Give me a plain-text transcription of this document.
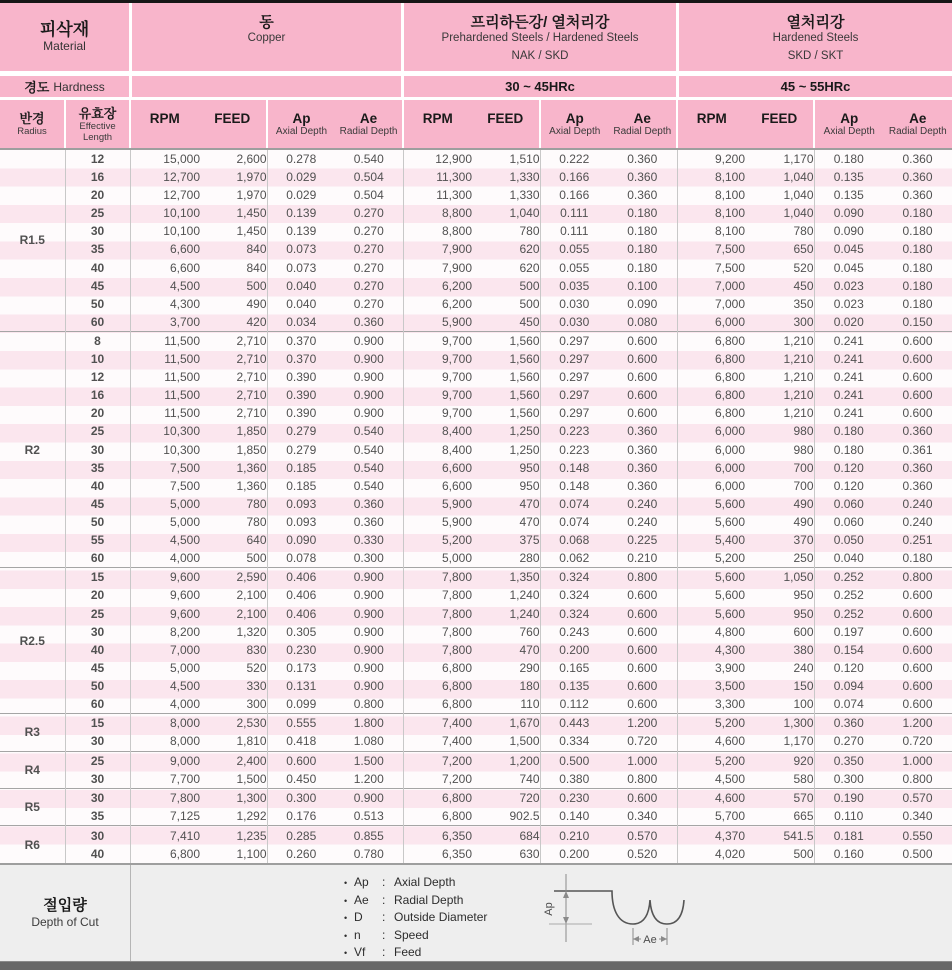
피삭재
Material
동
Copper
프리하든강/ 열처리강
Prehardened Steels / Hardened Steels
NAK / SKD
열처리강
Hardened Steels
SKD / SKT
경도 Hardness	30 ~ 45HRc	45 ~ 55HRc
반경
Radius
유효장
Effective
Length
RPM	FEED	Ap
Axial Depth
Ae
Radial Depth
RPM	FEED	Ap
Axial Depth
Ae
Radial Depth
RPM	FEED	Ap
Axial Depth
Ae
Radial Depth
R1.5	12	15,000	2,600	0.278	0.540	12,900	1,510	0.222	0.360	9,200	1,170	0.180	0.360
	16	12,700	1,970	0.029	0.504	11,300	1,330	0.166	0.360	8,100	1,040	0.135	0.360
	20	12,700	1,970	0.029	0.504	11,300	1,330	0.166	0.360	8,100	1,040	0.135	0.360
	25	10,100	1,450	0.139	0.270	8,800	1,040	0.111	0.180	8,100	1,040	0.090	0.180
	30	10,100	1,450	0.139	0.270	8,800	780	0.111	0.180	8,100	780	0.090	0.180
	35	6,600	840	0.073	0.270	7,900	620	0.055	0.180	7,500	650	0.045	0.180
	40	6,600	840	0.073	0.270	7,900	620	0.055	0.180	7,500	520	0.045	0.180
	45	4,500	500	0.040	0.270	6,200	500	0.035	0.100	7,000	450	0.023	0.180
	50	4,300	490	0.040	0.270	6,200	500	0.030	0.090	7,000	350	0.023	0.180
	60	3,700	420	0.034	0.360	5,900	450	0.030	0.080	6,000	300	0.020	0.150
R2	8	11,500	2,710	0.370	0.900	9,700	1,560	0.297	0.600	6,800	1,210	0.241	0.600
	10	11,500	2,710	0.370	0.900	9,700	1,560	0.297	0.600	6,800	1,210	0.241	0.600
	12	11,500	2,710	0.390	0.900	9,700	1,560	0.297	0.600	6,800	1,210	0.241	0.600
	16	11,500	2,710	0.390	0.900	9,700	1,560	0.297	0.600	6,800	1,210	0.241	0.600
	20	11,500	2,710	0.390	0.900	9,700	1,560	0.297	0.600	6,800	1,210	0.241	0.600
	25	10,300	1,850	0.279	0.540	8,400	1,250	0.223	0.360	6,000	980	0.180	0.360
	30	10,300	1,850	0.279	0.540	8,400	1,250	0.223	0.360	6,000	980	0.180	0.361
	35	7,500	1,360	0.185	0.540	6,600	950	0.148	0.360	6,000	700	0.120	0.360
	40	7,500	1,360	0.185	0.540	6,600	950	0.148	0.360	6,000	700	0.120	0.360
	45	5,000	780	0.093	0.360	5,900	470	0.074	0.240	5,600	490	0.060	0.240
	50	5,000	780	0.093	0.360	5,900	470	0.074	0.240	5,600	490	0.060	0.240
	55	4,500	640	0.090	0.330	5,200	375	0.068	0.225	5,400	370	0.050	0.251
	60	4,000	500	0.078	0.300	5,000	280	0.062	0.210	5,200	250	0.040	0.180
R2.5	15	9,600	2,590	0.406	0.900	7,800	1,350	0.324	0.800	5,600	1,050	0.252	0.800
	20	9,600	2,100	0.406	0.900	7,800	1,240	0.324	0.600	5,600	950	0.252	0.600
	25	9,600	2,100	0.406	0.900	7,800	1,240	0.324	0.600	5,600	950	0.252	0.600
	30	8,200	1,320	0.305	0.900	7,800	760	0.243	0.600	4,800	600	0.197	0.600
	40	7,000	830	0.230	0.900	7,800	470	0.200	0.600	4,300	380	0.154	0.600
	45	5,000	520	0.173	0.900	6,800	290	0.165	0.600	3,900	240	0.120	0.600
	50	4,500	330	0.131	0.900	6,800	180	0.135	0.600	3,500	150	0.094	0.600
	60	4,000	300	0.099	0.800	6,800	110	0.112	0.600	3,300	100	0.074	0.600
R3	15	8,000	2,530	0.555	1.800	7,400	1,670	0.443	1.200	5,200	1,300	0.360	1.200
	30	8,000	1,810	0.418	1.080	7,400	1,500	0.334	0.720	4,600	1,170	0.270	0.720
R4	25	9,000	2,400	0.600	1.500	7,200	1,200	0.500	1.000	5,200	920	0.350	1.000
	30	7,700	1,500	0.450	1.200	7,200	740	0.380	0.800	4,500	580	0.300	0.800
R5	30	7,800	1,300	0.300	0.900	6,800	720	0.230	0.600	4,600	570	0.190	0.570
	35	7,125	1,292	0.176	0.513	6,800	902.5	0.140	0.340	5,700	665	0.110	0.340
R6	30	7,410	1,235	0.285	0.855	6,350	684	0.210	0.570	4,370	541.5	0.181	0.550
	40	6,800	1,100	0.260	0.780	6,350	630	0.200	0.520	4,020	500	0.160	0.500
절입량
Depth of Cut
• Ap	: Axial Depth
• Ae	: Radial Depth
• D	: Outside Diameter
• n	: Speed
• Vf	: Feed
Ap
Ae
